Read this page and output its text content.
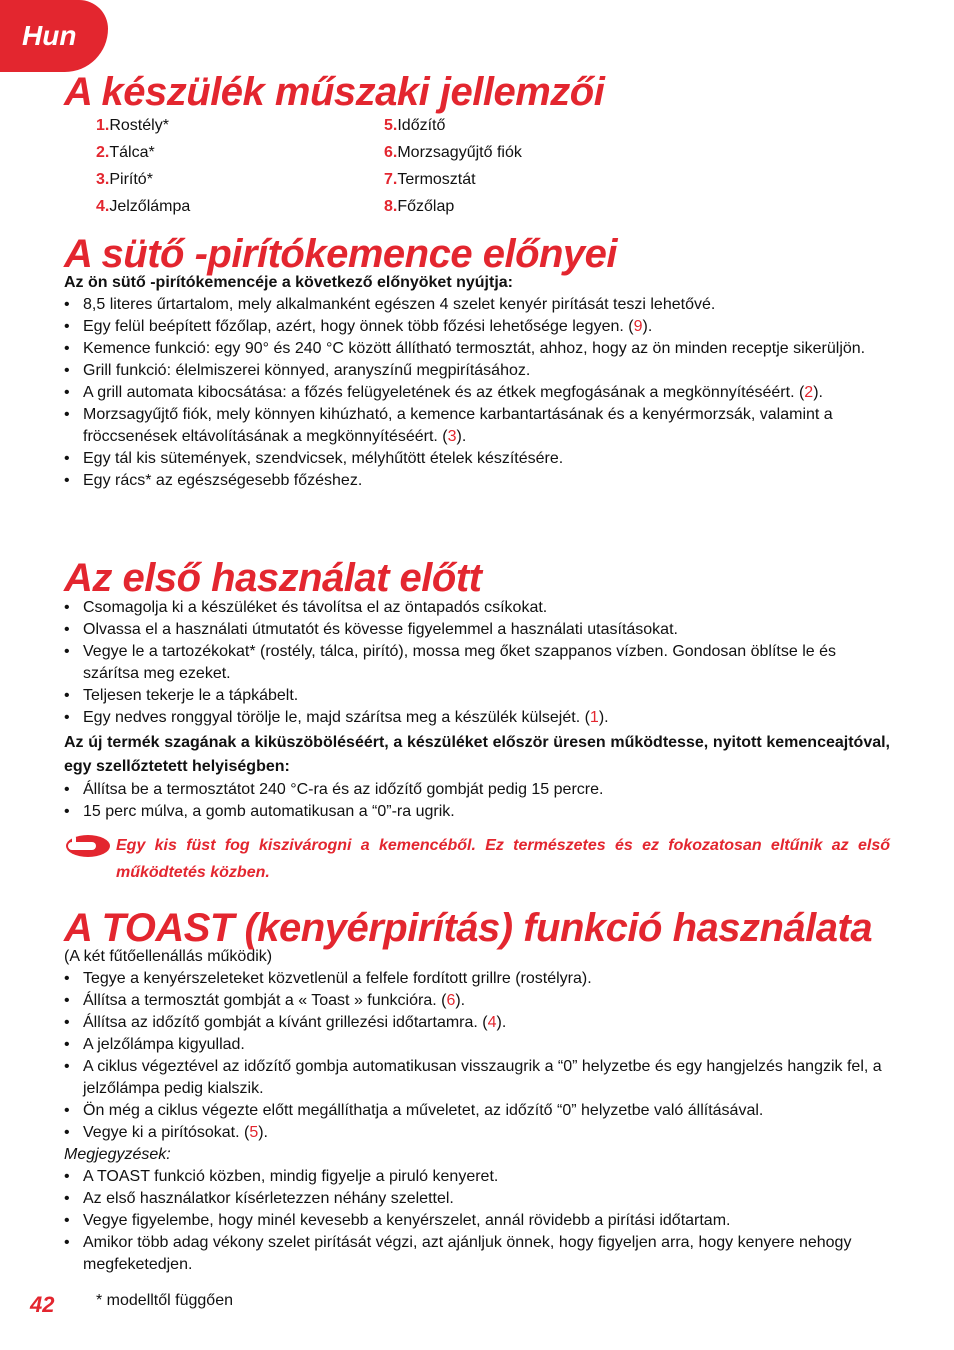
Hun
A készülék műszaki jellemzői
1.Rostély*
2.Tálca*
3.Pirító*
4.Jelzőlámpa
5.Időzítő
6.Morzsagyűjtő fiók
7.Termosztát
8.Főzőlap
A sütő -pirítókemence előnyei

Az ön sütő -pirítókemencéje a következő előnyöket nyújtja:

• 8,5 literes űrtartalom, mely alkalmanként egészen 4 szelet kenyér pirítását teszi lehetővé.
• Egy felül beépített főzőlap, azért, hogy önnek több főzési lehetősége legyen. (9).
• Kemence funkció: egy 90° és 240 °C között állítható termosztát, ahhoz, hogy az ön minden receptje sikerüljön.
• Grill funkció: élelmiszerei könnyed, aranyszínű megpirításához.
• A grill automata kibocsátása: a főzés felügyeletének és az étkek megfogásának a megkönnyítéséért. (2).
• Morzsagyűjtő fiók, mely könnyen kihúzható, a kemence karbantartásának és a kenyérmorzsák, valamint a fröccsenések eltávolításának a megkönnyítéséért. (3).
• Egy tál kis sütemények, szendvicsek, mélyhűtött ételek készítésére.
• Egy rács* az egészségesebb főzéshez.
Az első használat előtt
• Csomagolja ki a készüléket és távolítsa el az öntapadós csíkokat.
• Olvassa el a használati útmutatót és kövesse figyelemmel a használati utasításokat.
• Vegye le a tartozékokat* (rostély, tálca, pirító), mossa meg őket szappanos vízben. Gondosan öblítse le és szárítsa meg ezeket.
• Teljesen tekerje le a tápkábelt.
• Egy nedves ronggyal törölje le, majd szárítsa meg a készülék külsejét. (1).

Az új termék szagának a kiküszöböléséért, a készüléket először üresen működtesse, nyitott kemenceajtóval, egy szellőztetett helyiségben:

• Állítsa be a termosztátot 240 °C-ra és az időzítő gombját pedig 15 percre.
• 15 perc múlva, a gomb automatikusan a “0”-ra ugrik.
Egy kis füst fog kiszivárogni a kemencéből. Ez természetes és ez fokozatosan eltűnik az első működtetés közben.
A TOAST (kenyérpirítás) funkció használata

(A két fűtőellenállás működik)

• Tegye a kenyérszeleteket közvetlenül a felfele fordított grillre (rostélyra).
• Állítsa a termosztát gombját a « Toast » funkcióra. (6).
• Állítsa az időzítő gombját a kívánt grillezési időtartamra. (4).
• A jelzőlámpa kigyullad.
• A ciklus végeztével az időzítő gombja automatikusan visszaugrik a “0” helyzetbe és egy hangjelzés hangzik fel, a jelzőlámpa pedig kialszik.
• Ön még a ciklus végezte előtt megállíthatja a műveletet, az időzítő “0” helyzetbe való állításával.
• Vegye ki a pirítósokat. (5).

Megjegyzések:

• A TOAST funkció közben, mindig figyelje a piruló kenyeret.
• Az első használatkor kísérletezzen néhány szelettel.
• Vegye figyelembe, hogy minél kevesebb a kenyérszelet, annál rövidebb a pirítási időtartam.
• Amikor több adag vékony szelet pirítását végzi, azt ajánljuk önnek, hogy figyeljen arra, hogy kenyere nehogy megfeketedjen.
42	* modelltől függően
